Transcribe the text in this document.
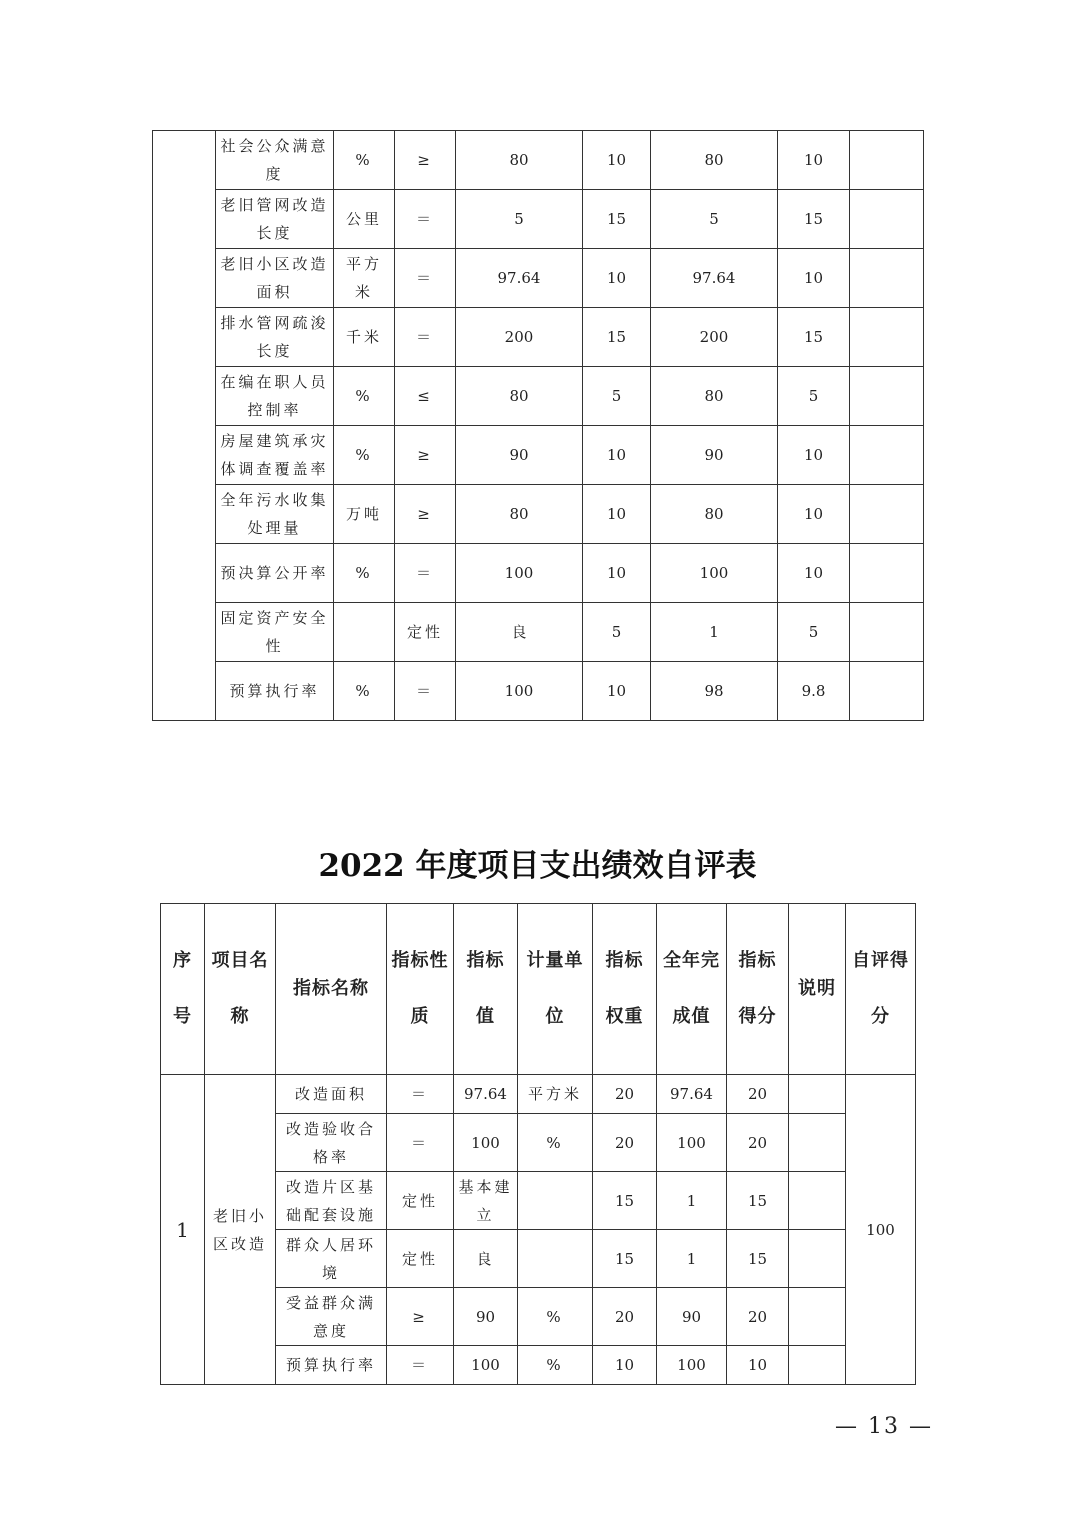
	社会公众满意度	%	≥	80	10	80	10	
	老旧管网改造长度	公里	＝	5	15	5	15	
	老旧小区改造面积	平方米	＝	97.64	10	97.64	10	
	排水管网疏浚长度	千米	＝	200	15	200	15	
	在编在职人员控制率	%	≤	80	5	80	5	
	房屋建筑承灾体调查覆盖率	%	≥	90	10	90	10	
	全年污水收集处理量	万吨	≥	80	10	80	10	
	预决算公开率	%	＝	100	10	100	10	
	固定资产安全性		定性	良	5	1	5	
	预算执行率	%	＝	100	10	98	9.8	
2022 年度项目支出绩效自评表
序号	项目名称	指标名称	指标性质	指标值	计量单位	指标权重	全年完成值	指标得分	说明	自评得分
1	老旧小区改造	改造面积	＝	97.64	平方米	20	97.64	20		100
		改造验收合格率	＝	100	%	20	100	20		
		改造片区基础配套设施	定性	基本建立		15	1	15		
		群众人居环境	定性	良		15	1	15		
		受益群众满意度	≥	90	%	20	90	20		
		预算执行率	＝	100	%	10	100	10		
— 13 —
